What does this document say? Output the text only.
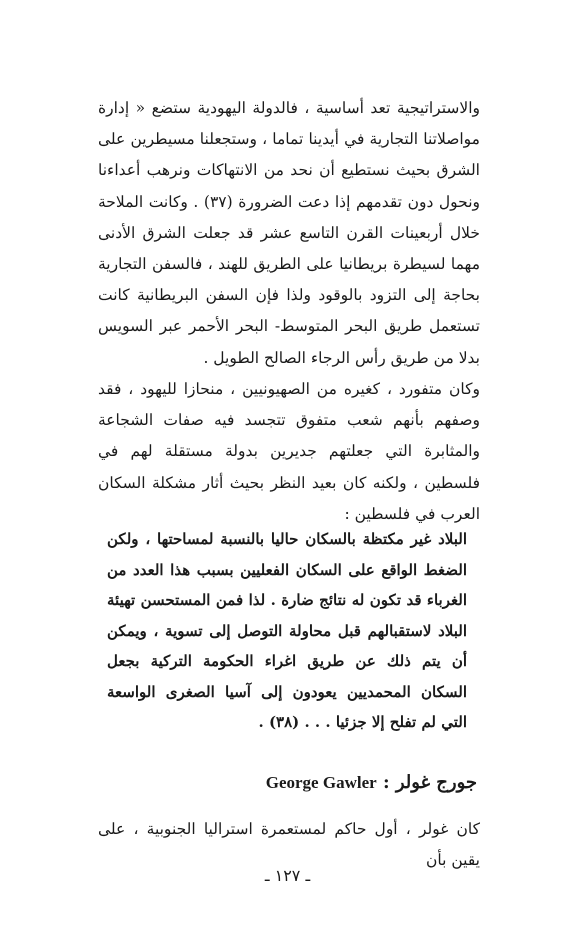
والاستراتيجية تعد أساسية ، فالدولة اليهودية ستضع « إدارة مواصلاتنا التجارية في أيدينا تماما ، وستجعلنا مسيطرين على الشرق بحيث نستطيع أن نحد من الانتهاكات ونرهب أعداءنا ونحول دون تقدمهم إذا دعت الضرورة (٣٧) . وكانت الملاحة خلال أربعينات القرن التاسع عشر قد جعلت الشرق الأدنى مهما لسيطرة بريطانيا على الطريق للهند ، فالسفن التجارية بحاجة إلى التزود بالوقود ولذا فإن السفن البريطانية كانت تستعمل طريق البحر المتوسط- البحر الأحمر عبر السويس بدلا من طريق رأس الرجاء الصالح الطويل .

وكان متفورد ، كغيره من الصهيونيين ، منحازا لليهود ، فقد وصفهم بأنهم شعب متفوق تتجسد فيه صفات الشجاعة والمثابرة التي جعلتهم جديرين بدولة مستقلة لهم في فلسطين ، ولكنه كان بعيد النظر بحيث أثار مشكلة السكان العرب في فلسطين :

البلاد غير مكتظة بالسكان حاليا بالنسبة لمساحتها ، ولكن الضغط الواقع على السكان الفعليين بسبب هذا العدد من الغرباء قد تكون له نتائج ضارة . لذا فمن المستحسن تهيئة البلاد لاستقبالهم قبل محاولة التوصل إلى تسوية ، ويمكن أن يتم ذلك عن طريق اغراء الحكومة التركية بجعل السكان المحمديين يعودون إلى آسيا الصغرى الواسعة التي لم تفلح إلا جزئيا . . . (٣٨) .

جورج غولر : George Gawler

كان غولر ، أول حاكم لمستعمرة استراليا الجنوبية ، على يقين بأن

ـ ١٢٧ ـ
